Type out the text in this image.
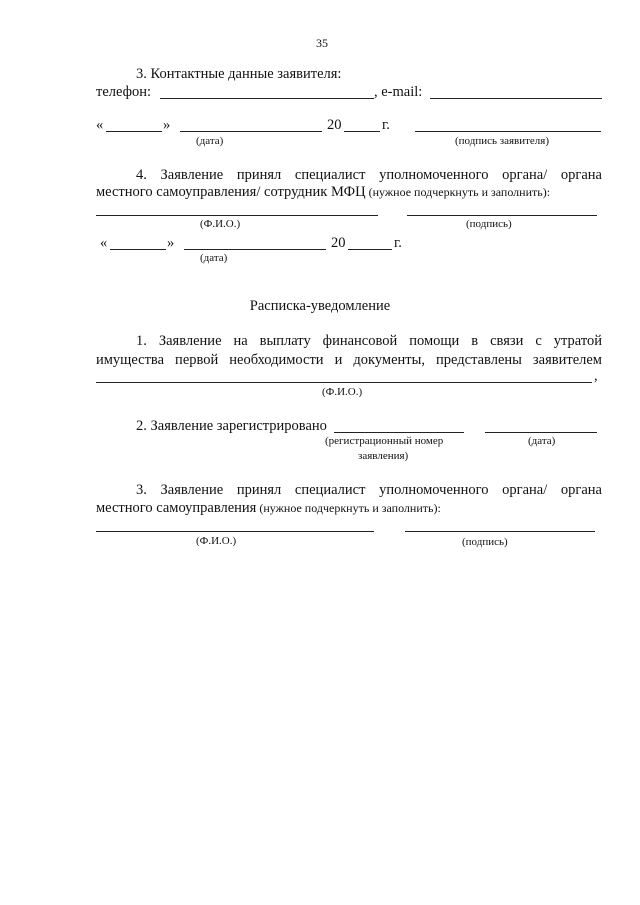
35
3. Контактные данные заявителя:
телефон:	, e-mail:
«	»	20	г.
(дата)	(подпись заявителя)
4. Заявление принял специалист уполномоченного органа/ органа
местного самоуправления/ сотрудник МФЦ (нужное подчеркнуть и заполнить):
(Ф.И.О.)	(подпись)
«	»	20	г.
(дата)
Расписка-уведомление
1. Заявление на выплату финансовой помощи в связи с утратой
имущества первой необходимости и документы, представлены заявителем
,
(Ф.И.О.)
2. Заявление зарегистрировано
(регистрационный номер
заявления)
(дата)
3. Заявление принял специалист уполномоченного органа/ органа
местного самоуправления (нужное подчеркнуть и заполнить):
(Ф.И.О.)	(подпись)
